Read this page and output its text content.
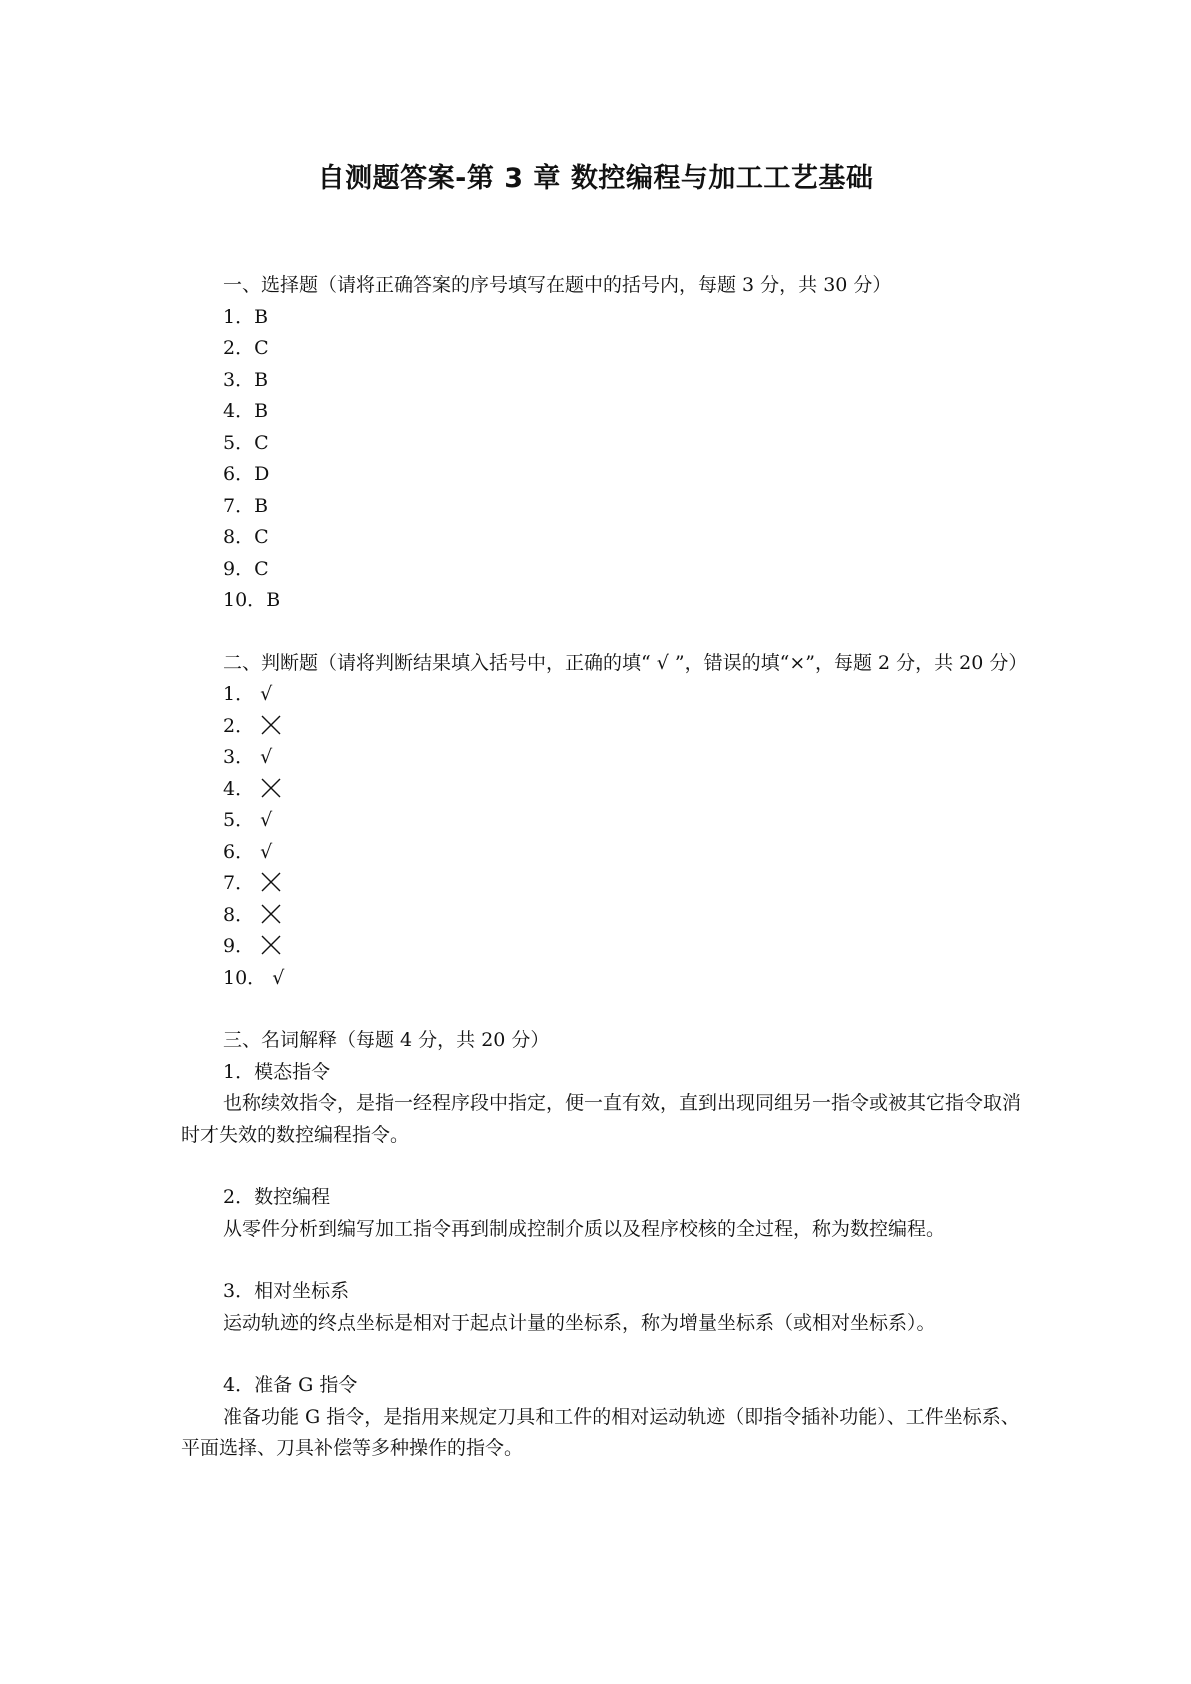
自测题答案-第 3 章 数控编程与加工工艺基础

一、选择题（请将正确答案的序号填写在题中的括号内，每题 3 分，共 30 分）

1．B

2．C

3．B

4．B

5．C

6．D

7．B

8．C

9．C

10．B

二、判断题（请将判断结果填入括号中，正确的填“ √ ”，错误的填“×”，每题 2 分，共 20 分）

1． √

2．

3． √

4．

5． √

6． √

7．

8．

9．

10． √

三、名词解释（每题 4 分，共 20 分）

1．模态指令

也称续效指令，是指一经程序段中指定，便一直有效，直到出现同组另一指令或被其它指令取消时才失效的数控编程指令。

2．数控编程

从零件分析到编写加工指令再到制成控制介质以及程序校核的全过程，称为数控编程。

3．相对坐标系

运动轨迹的终点坐标是相对于起点计量的坐标系，称为增量坐标系（或相对坐标系）。

4．准备 G 指令

准备功能 G 指令，是指用来规定刀具和工件的相对运动轨迹（即指令插补功能）、工件坐标系、平面选择、刀具补偿等多种操作的指令。
